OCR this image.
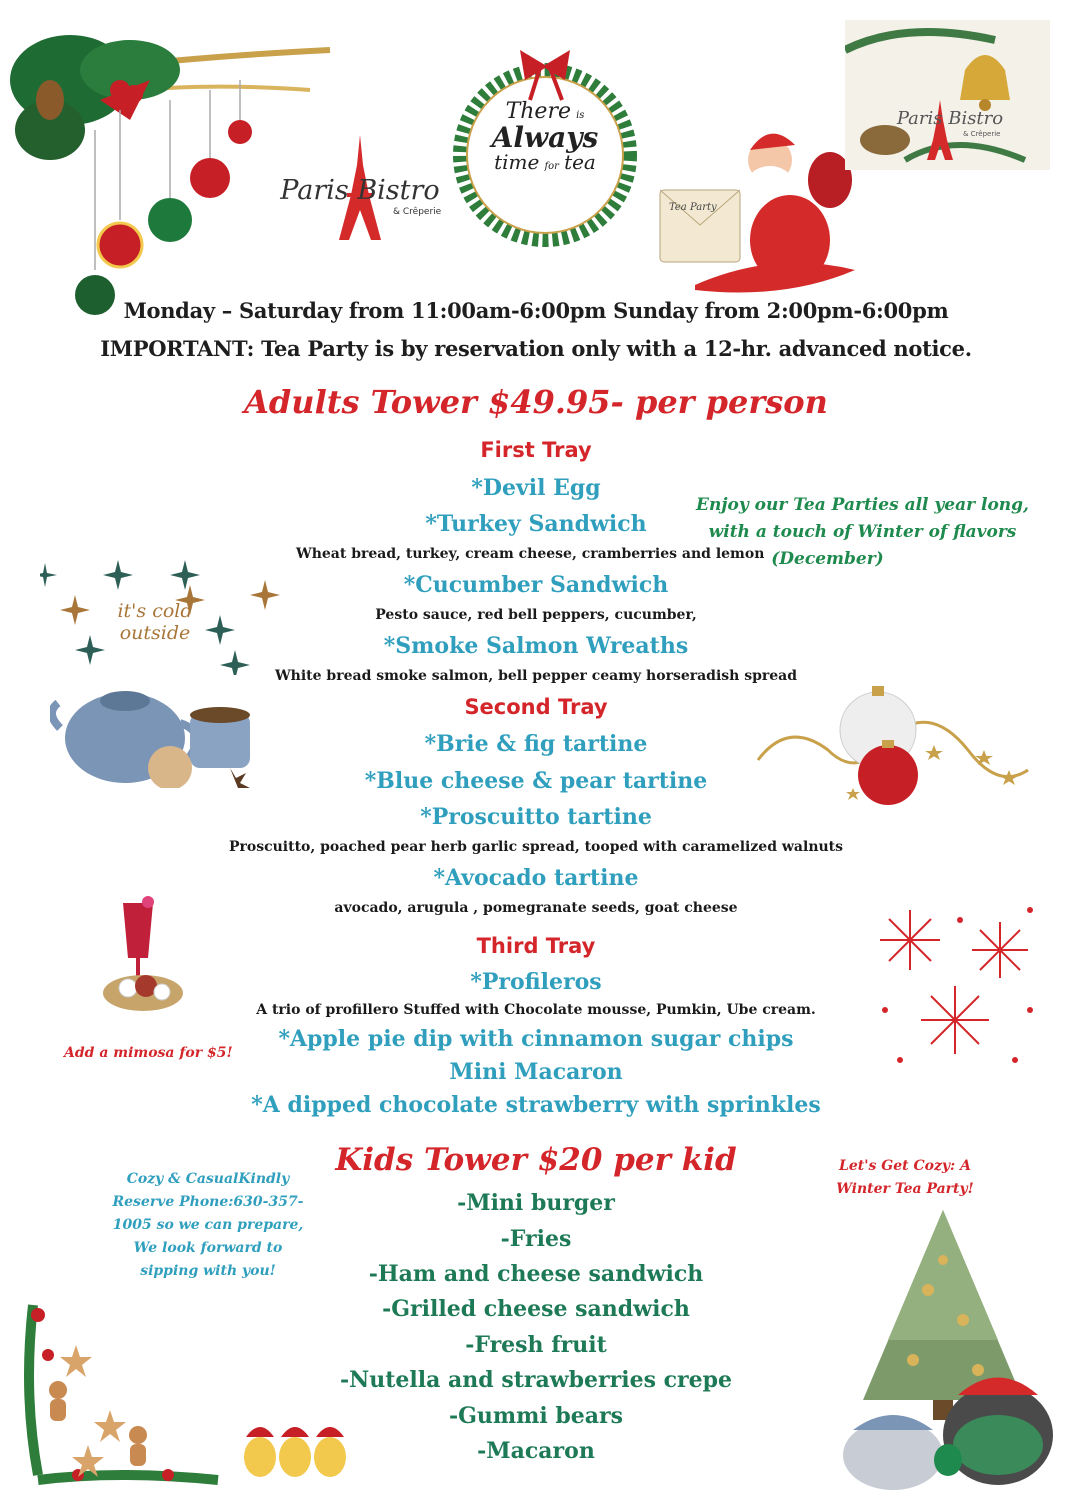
Paris Bistro
& Crêperie
There is
Always
time for tea
Tea Party
Paris Bistro
& Crêperie
Monday – Saturday from 11:00am-6:00pm Sunday from 2:00pm-6:00pm
IMPORTANT: Tea Party is by reservation only with a 12-hr. advanced notice.
Adults Tower $49.95- per person
First Tray
*Devil Egg
*Turkey Sandwich
Wheat bread, turkey, cream cheese, cramberries and lemon
*Cucumber Sandwich
Pesto sauce, red bell peppers, cucumber,
*Smoke Salmon Wreaths
White bread smoke salmon, bell pepper ceamy horseradish spread
Second Tray
*Brie & fig tartine
*Blue cheese & pear tartine
*Proscuitto tartine
Proscuitto, poached pear herb garlic spread, tooped with caramelized walnuts
*Avocado tartine
avocado, arugula , pomegranate seeds, goat cheese
Third Tray
*Profileros
A trio of profillero Stuffed with Chocolate mousse, Pumkin, Ube cream.
*Apple pie dip with cinnamon sugar chips
Mini Macaron
*A dipped chocolate strawberry with sprinkles
Enjoy our Tea Parties all year long,
with a touch of Winter of flavors
(December)
it's cold
outside
Add a mimosa for $5!
Kids Tower $20 per kid
-Mini burger
-Fries
-Ham and cheese sandwich
-Grilled cheese sandwich
-Fresh fruit
-Nutella and strawberries crepe
-Gummi bears
-Macaron
Cozy & CasualKindly Reserve Phone:630-357-1005 so we can prepare, We look forward to sipping with you!
Let's Get Cozy: A Winter Tea Party!
